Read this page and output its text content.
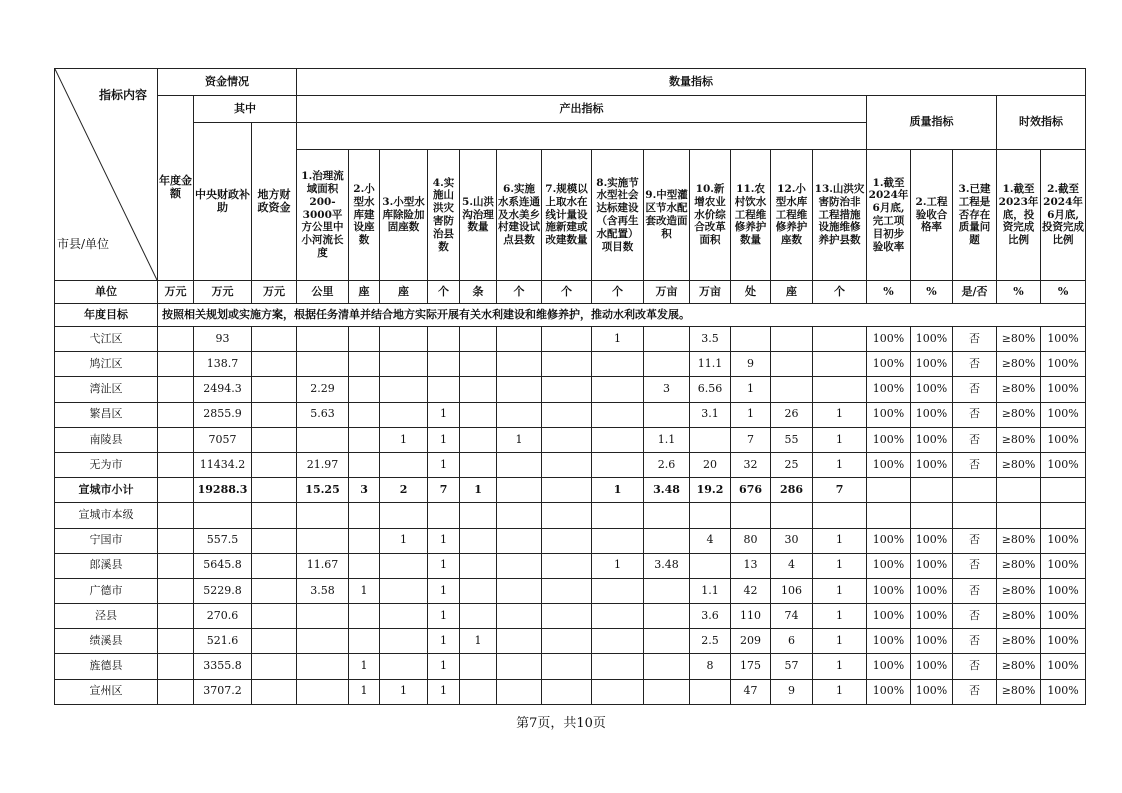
指标内容
市县/单位	资金情况			数量指标																	
	年度金额	其中		产出指标													质量指标			时效指标	
		中央财政补助	地方财政资金																		
				1.治理流域面积200-3000平方公里中小河流长度	2.小型水库建设座数	3.小型水库除险加固座数	4.实施山洪灾害防治县数	5.山洪沟治理数量	6.实施水系连通及水美乡村建设试点县数	7.规模以上取水在线计量设施新建或改建数量	8.实施节水型社会达标建设（含再生水配置）项目数	9.中型灌区节水配套改造面积	10.新增农业水价综合改革面积	11.农村饮水工程维修养护数量	12.小型水库工程维修养护座数	13.山洪灾害防治非工程措施设施维修养护县数	1.截至2024年6月底,完工项目初步验收率	2.工程验收合格率	3.已建工程是否存在质量问题	1.截至2023年底，投资完成比例	2.截至2024年6月底,投资完成比例
单位	万元	万元	万元	公里	座	座	个	条	个	个	个	万亩	万亩	处	座	个	%	%	是/否	%	%
年度目标	按照相关规划或实施方案，根据任务清单并结合地方实际开展有关水利建设和维修养护，推动水利改革发展。																				
弋江区		93									1		3.5				100%	100%	否	≥80%	100%
鸠江区		138.7											11.1	9			100%	100%	否	≥80%	100%
湾沚区		2494.3		2.29								3	6.56	1			100%	100%	否	≥80%	100%
繁昌区		2855.9		5.63			1						3.1	1	26	1	100%	100%	否	≥80%	100%
南陵县		7057				1	1		1			1.1		7	55	1	100%	100%	否	≥80%	100%
无为市		11434.2		21.97			1					2.6	20	32	25	1	100%	100%	否	≥80%	100%
宣城市小计		19288.3		15.25	3	2	7	1			1	3.48	19.2	676	286	7					
宣城市本级																					
宁国市		557.5				1	1						4	80	30	1	100%	100%	否	≥80%	100%
郎溪县		5645.8		11.67			1				1	3.48		13	4	1	100%	100%	否	≥80%	100%
广德市		5229.8		3.58	1		1						1.1	42	106	1	100%	100%	否	≥80%	100%
泾县		270.6					1						3.6	110	74	1	100%	100%	否	≥80%	100%
绩溪县		521.6					1	1					2.5	209	6	1	100%	100%	否	≥80%	100%
旌德县		3355.8			1		1						8	175	57	1	100%	100%	否	≥80%	100%
宣州区		3707.2			1	1	1							47	9	1	100%	100%	否	≥80%	100%
第7页，共10页
